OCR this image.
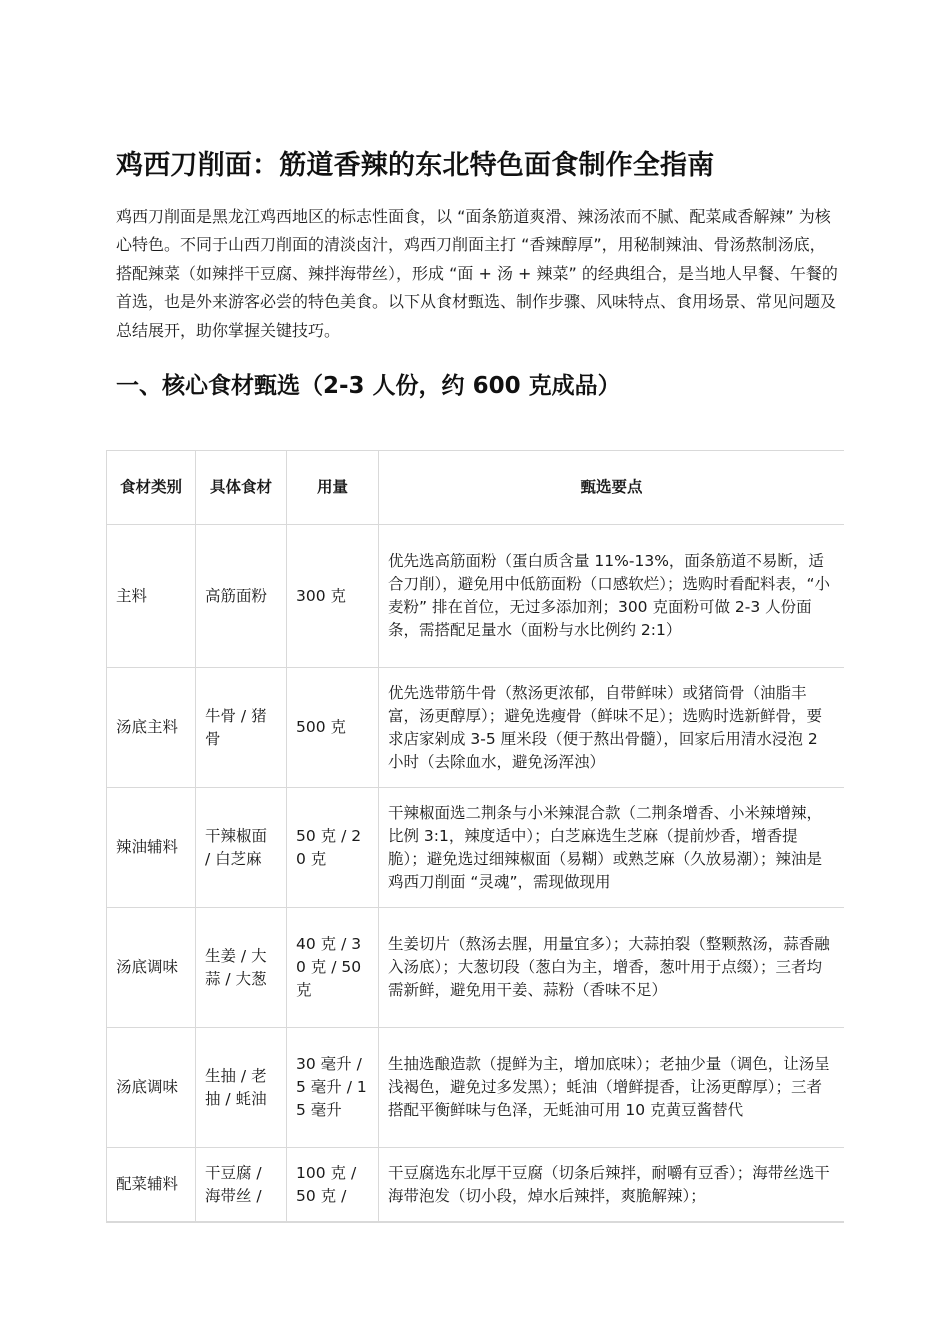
鸡西刀削面：筋道香辣的东北特色面食制作全指南

鸡西刀削面是黑龙江鸡西地区的标志性面食，以 “面条筋道爽滑、辣汤浓而不腻、配菜咸香解辣” 为核心特色。不同于山西刀削面的清淡卤汁，鸡西刀削面主打 “香辣醇厚”，用秘制辣油、骨汤熬制汤底，搭配辣菜（如辣拌干豆腐、辣拌海带丝），形成 “面 + 汤 + 辣菜” 的经典组合，是当地人早餐、午餐的首选，也是外来游客必尝的特色美食。以下从食材甄选、制作步骤、风味特点、食用场景、常见问题及总结展开，助你掌握关键技巧。

一、核心食材甄选（2-3 人份，约 600 克成品）
食材类别	具体食材	用量	甄选要点
主料	高筋面粉	300 克	优先选高筋面粉（蛋白质含量 11%-13%，面条筋道不易断，适合刀削），避免用中低筋面粉（口感软烂）；选购时看配料表，“小麦粉” 排在首位，无过多添加剂；300 克面粉可做 2-3 人份面条，需搭配足量水（面粉与水比例约 2:1）
汤底主料	牛骨 / 猪骨	500 克	优先选带筋牛骨（熬汤更浓郁，自带鲜味）或猪筒骨（油脂丰富，汤更醇厚）；避免选瘦骨（鲜味不足）；选购时选新鲜骨，要求店家剁成 3-5 厘米段（便于熬出骨髓），回家后用清水浸泡 2 小时（去除血水，避免汤浑浊）
辣油辅料	干辣椒面 / 白芝麻	50 克 / 20 克	干辣椒面选二荆条与小米辣混合款（二荆条增香、小米辣增辣，比例 3:1，辣度适中）；白芝麻选生芝麻（提前炒香，增香提脆）；避免选过细辣椒面（易糊）或熟芝麻（久放易潮）；辣油是鸡西刀削面 “灵魂”，需现做现用
汤底调味	生姜 / 大蒜 / 大葱	40 克 / 30 克 / 50 克	生姜切片（熬汤去腥，用量宜多）；大蒜拍裂（整颗熬汤，蒜香融入汤底）；大葱切段（葱白为主，增香，葱叶用于点缀）；三者均需新鲜，避免用干姜、蒜粉（香味不足）
汤底调味	生抽 / 老抽 / 蚝油	30 毫升 / 5 毫升 / 15 毫升	生抽选酿造款（提鲜为主，增加底味）；老抽少量（调色，让汤呈浅褐色，避免过多发黑）；蚝油（增鲜提香，让汤更醇厚）；三者搭配平衡鲜味与色泽，无蚝油可用 10 克黄豆酱替代
配菜辅料	干豆腐 / 海带丝 /	100 克 / 50 克 /	干豆腐选东北厚干豆腐（切条后辣拌，耐嚼有豆香）；海带丝选干海带泡发（切小段，焯水后辣拌，爽脆解辣）；
